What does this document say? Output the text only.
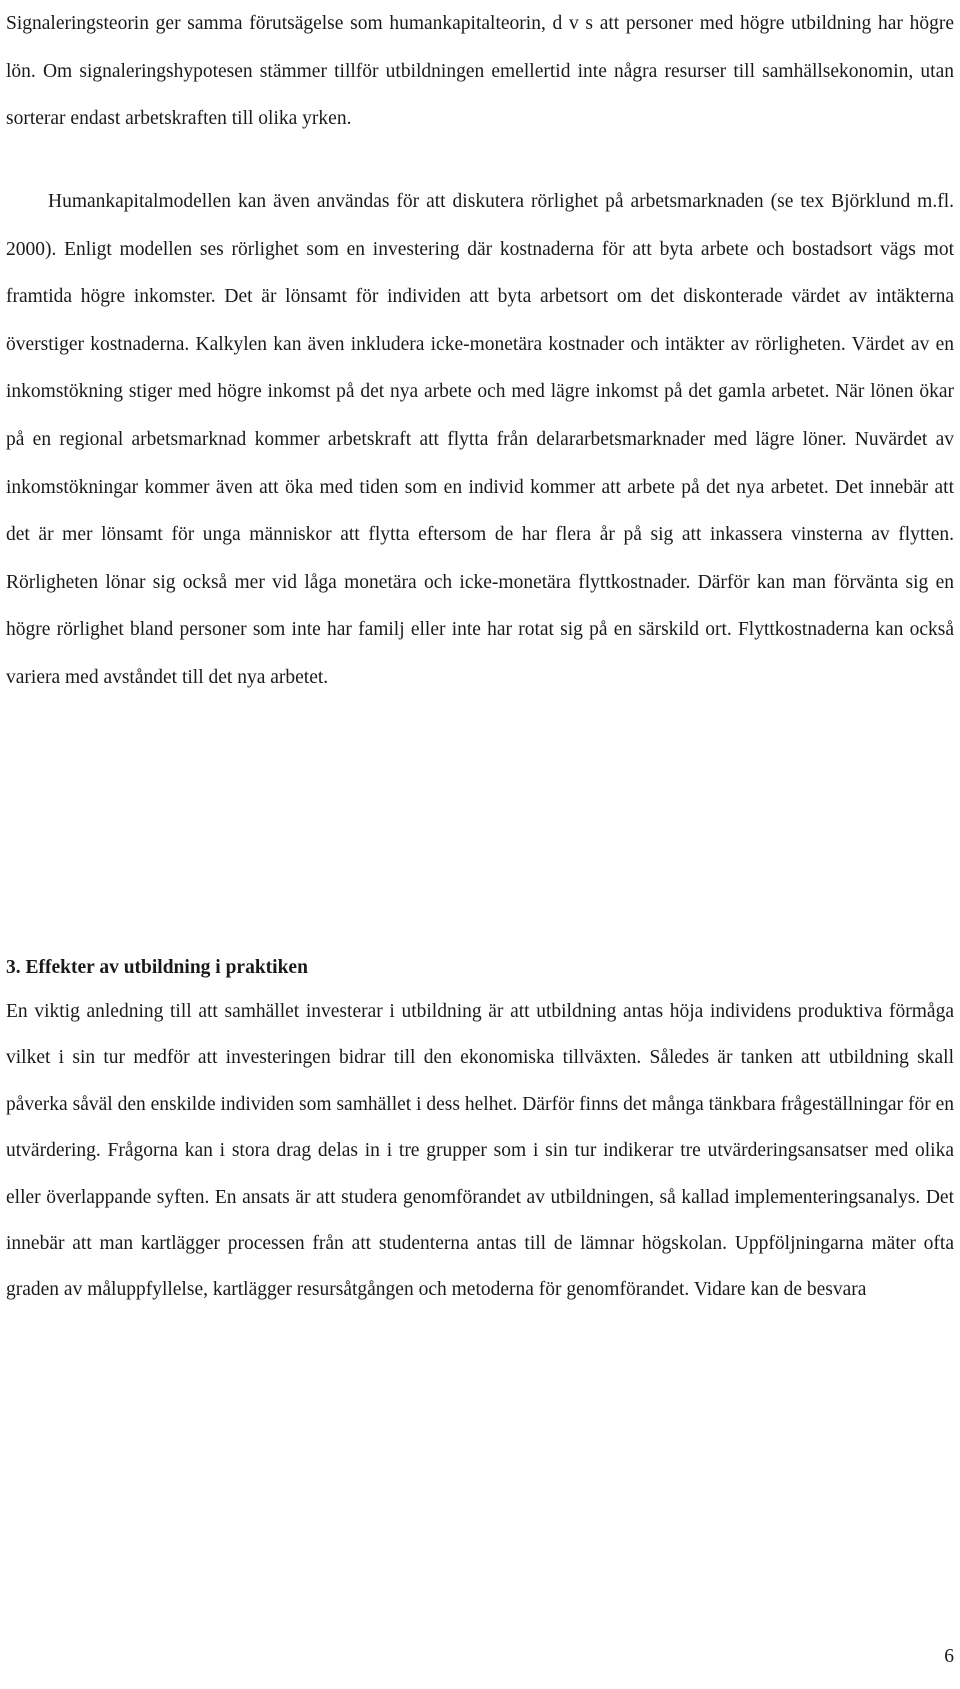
Signaleringsteorin ger samma förutsägelse som humankapitalteorin, d v s att personer med högre utbildning har högre lön. Om signaleringshypotesen stämmer tillför utbildningen emellertid inte några resurser till samhällsekonomin, utan sorterar endast arbetskraften till olika yrken.

Humankapitalmodellen kan även användas för att diskutera rörlighet på arbetsmarknaden (se tex Björklund m.fl. 2000). Enligt modellen ses rörlighet som en investering där kostnaderna för att byta arbete och bostadsort vägs mot framtida högre inkomster. Det är lönsamt för individen att byta arbetsort om det diskonterade värdet av intäkterna överstiger kostnaderna. Kalkylen kan även inkludera icke-monetära kostnader och intäkter av rörligheten. Värdet av en inkomstökning stiger med högre inkomst på det nya arbete och med lägre inkomst på det gamla arbetet. När lönen ökar på en regional arbetsmarknad kommer arbetskraft att flytta från delararbetsmarknader med lägre löner. Nuvärdet av inkomstökningar kommer även att öka med tiden som en individ kommer att arbete på det nya arbetet. Det innebär att det är mer lönsamt för unga människor att flytta eftersom de har flera år på sig att inkassera vinsterna av flytten. Rörligheten lönar sig också mer vid låga monetära och icke-monetära flyttkostnader. Därför kan man förvänta sig en högre rörlighet bland personer som inte har familj eller inte har rotat sig på en särskild ort. Flyttkostnaderna kan också variera med avståndet till det nya arbetet.

3. Effekter av utbildning i praktiken

En viktig anledning till att samhället investerar i utbildning är att utbildning antas höja individens produktiva förmåga vilket i sin tur medför att investeringen bidrar till den ekonomiska tillväxten. Således är tanken att utbildning skall påverka såväl den enskilde individen som samhället i dess helhet. Därför finns det många tänkbara frågeställningar för en utvärdering. Frågorna kan i stora drag delas in i tre grupper som i sin tur indikerar tre utvärderingsansatser med olika eller överlappande syften. En ansats är att studera genomförandet av utbildningen, så kallad implementeringsanalys. Det innebär att man kartlägger processen från att studenterna antas till de lämnar högskolan. Uppföljningarna mäter ofta graden av måluppfyllelse, kartlägger resursåtgången och metoderna för genomförandet. Vidare kan de besvara

6
